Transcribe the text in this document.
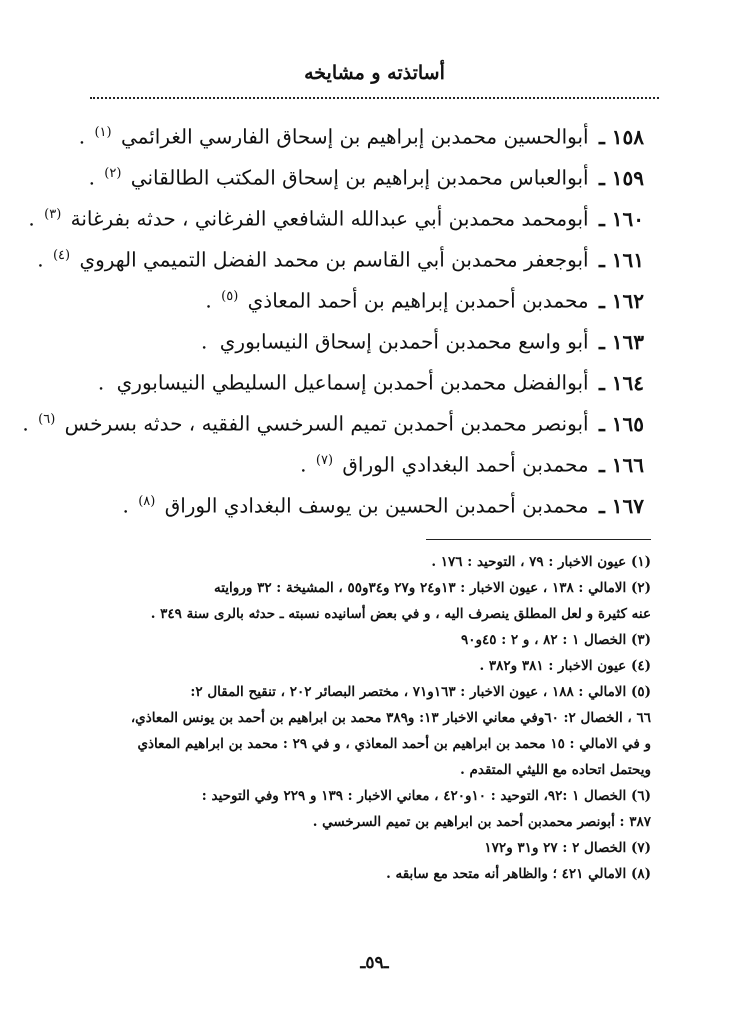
أساتذته و مشايخه
١٥٨ ـ أبوالحسين محمدبن إبراهيم بن إسحاق الفارسي الغرائمي $^{(١)}$ .
١٥٩ ـ أبوالعباس محمدبن إبراهيم بن إسحاق المكتب الطالقاني $^{(٢)}$ .
١٦٠ ـ أبومحمد محمدبن أبي عبدالله الشافعي الفرغاني ، حدثه بفرغانة $^{(٣)}$ .
١٦١ ـ أبوجعفر محمدبن أبي القاسم بن محمد الفضل التميمي الهروي $^{(٤)}$ .
١٦٢ ـ محمدبن أحمدبن إبراهيم بن أحمد المعاذي $^{(٥)}$ .
١٦٣ ـ أبو واسع محمدبن أحمدبن إسحاق النيسابوري .
١٦٤ ـ أبوالفضل محمدبن أحمدبن إسماعيل السليطي النيسابوري .
١٦٥ ـ أبونصر محمدبن أحمدبن تميم السرخسي الفقيه ، حدثه بسرخس $^{(٦)}$ .
١٦٦ ـ محمدبن أحمد البغدادي الوراق $^{(٧)}$ .
١٦٧ ـ محمدبن أحمدبن الحسين بن يوسف البغدادي الوراق $^{(٨)}$ .
(١) عيون الاخبار : ٧٩ ، التوحيد : ١٧٦ .
(٢) الامالي : ١٣٨ ، عيون الاخبار : ١٣و٢٤ و٢٧ و٣٤و٥٥ ، المشيخة : ٣٢ وروايته
عنه كثيرة و لعل المطلق ينصرف اليه ، و في بعض أسانيده نسبته ـ حدثه بالرى سنة ٣٤٩ .
(٣) الخصال ١ : ٨٢ ، و ٢ : ٤٥و٩٠
(٤) عيون الاخبار : ٣٨١ و٣٨٢ .
(٥) الامالي : ١٨٨ ، عيون الاخبار : ١٦٣و٧١ ، مختصر البصائر ٢٠٢ ، تنقيح المقال ٢:
٦٦ ، الخصال ٢: ٦٠وفي معاني الاخبار ١٣: و٣٨٩ محمد بن ابراهيم بن أحمد بن يونس المعاذي،
و في الامالي : ١٥ محمد بن ابراهيم بن أحمد المعاذي ، و في ٢٩ : محمد بن ابراهيم المعاذي
ويحتمل اتحاده مع الليثي المتقدم .
(٦) الخصال ١ :٩٢، التوحيد : ١٠و٤٢٠ ، معاني الاخبار : ١٣٩ و ٢٢٩ وفي التوحيد :
٣٨٧ : أبونصر محمدبن أحمد بن ابراهيم بن تميم السرخسي .
(٧) الخصال ٢ : ٢٧ و٣١ و١٧٢
(٨) الامالي ٤٢١ ؛ والظاهر أنه متحد مع سابقه .
ـ٥٩ـ
